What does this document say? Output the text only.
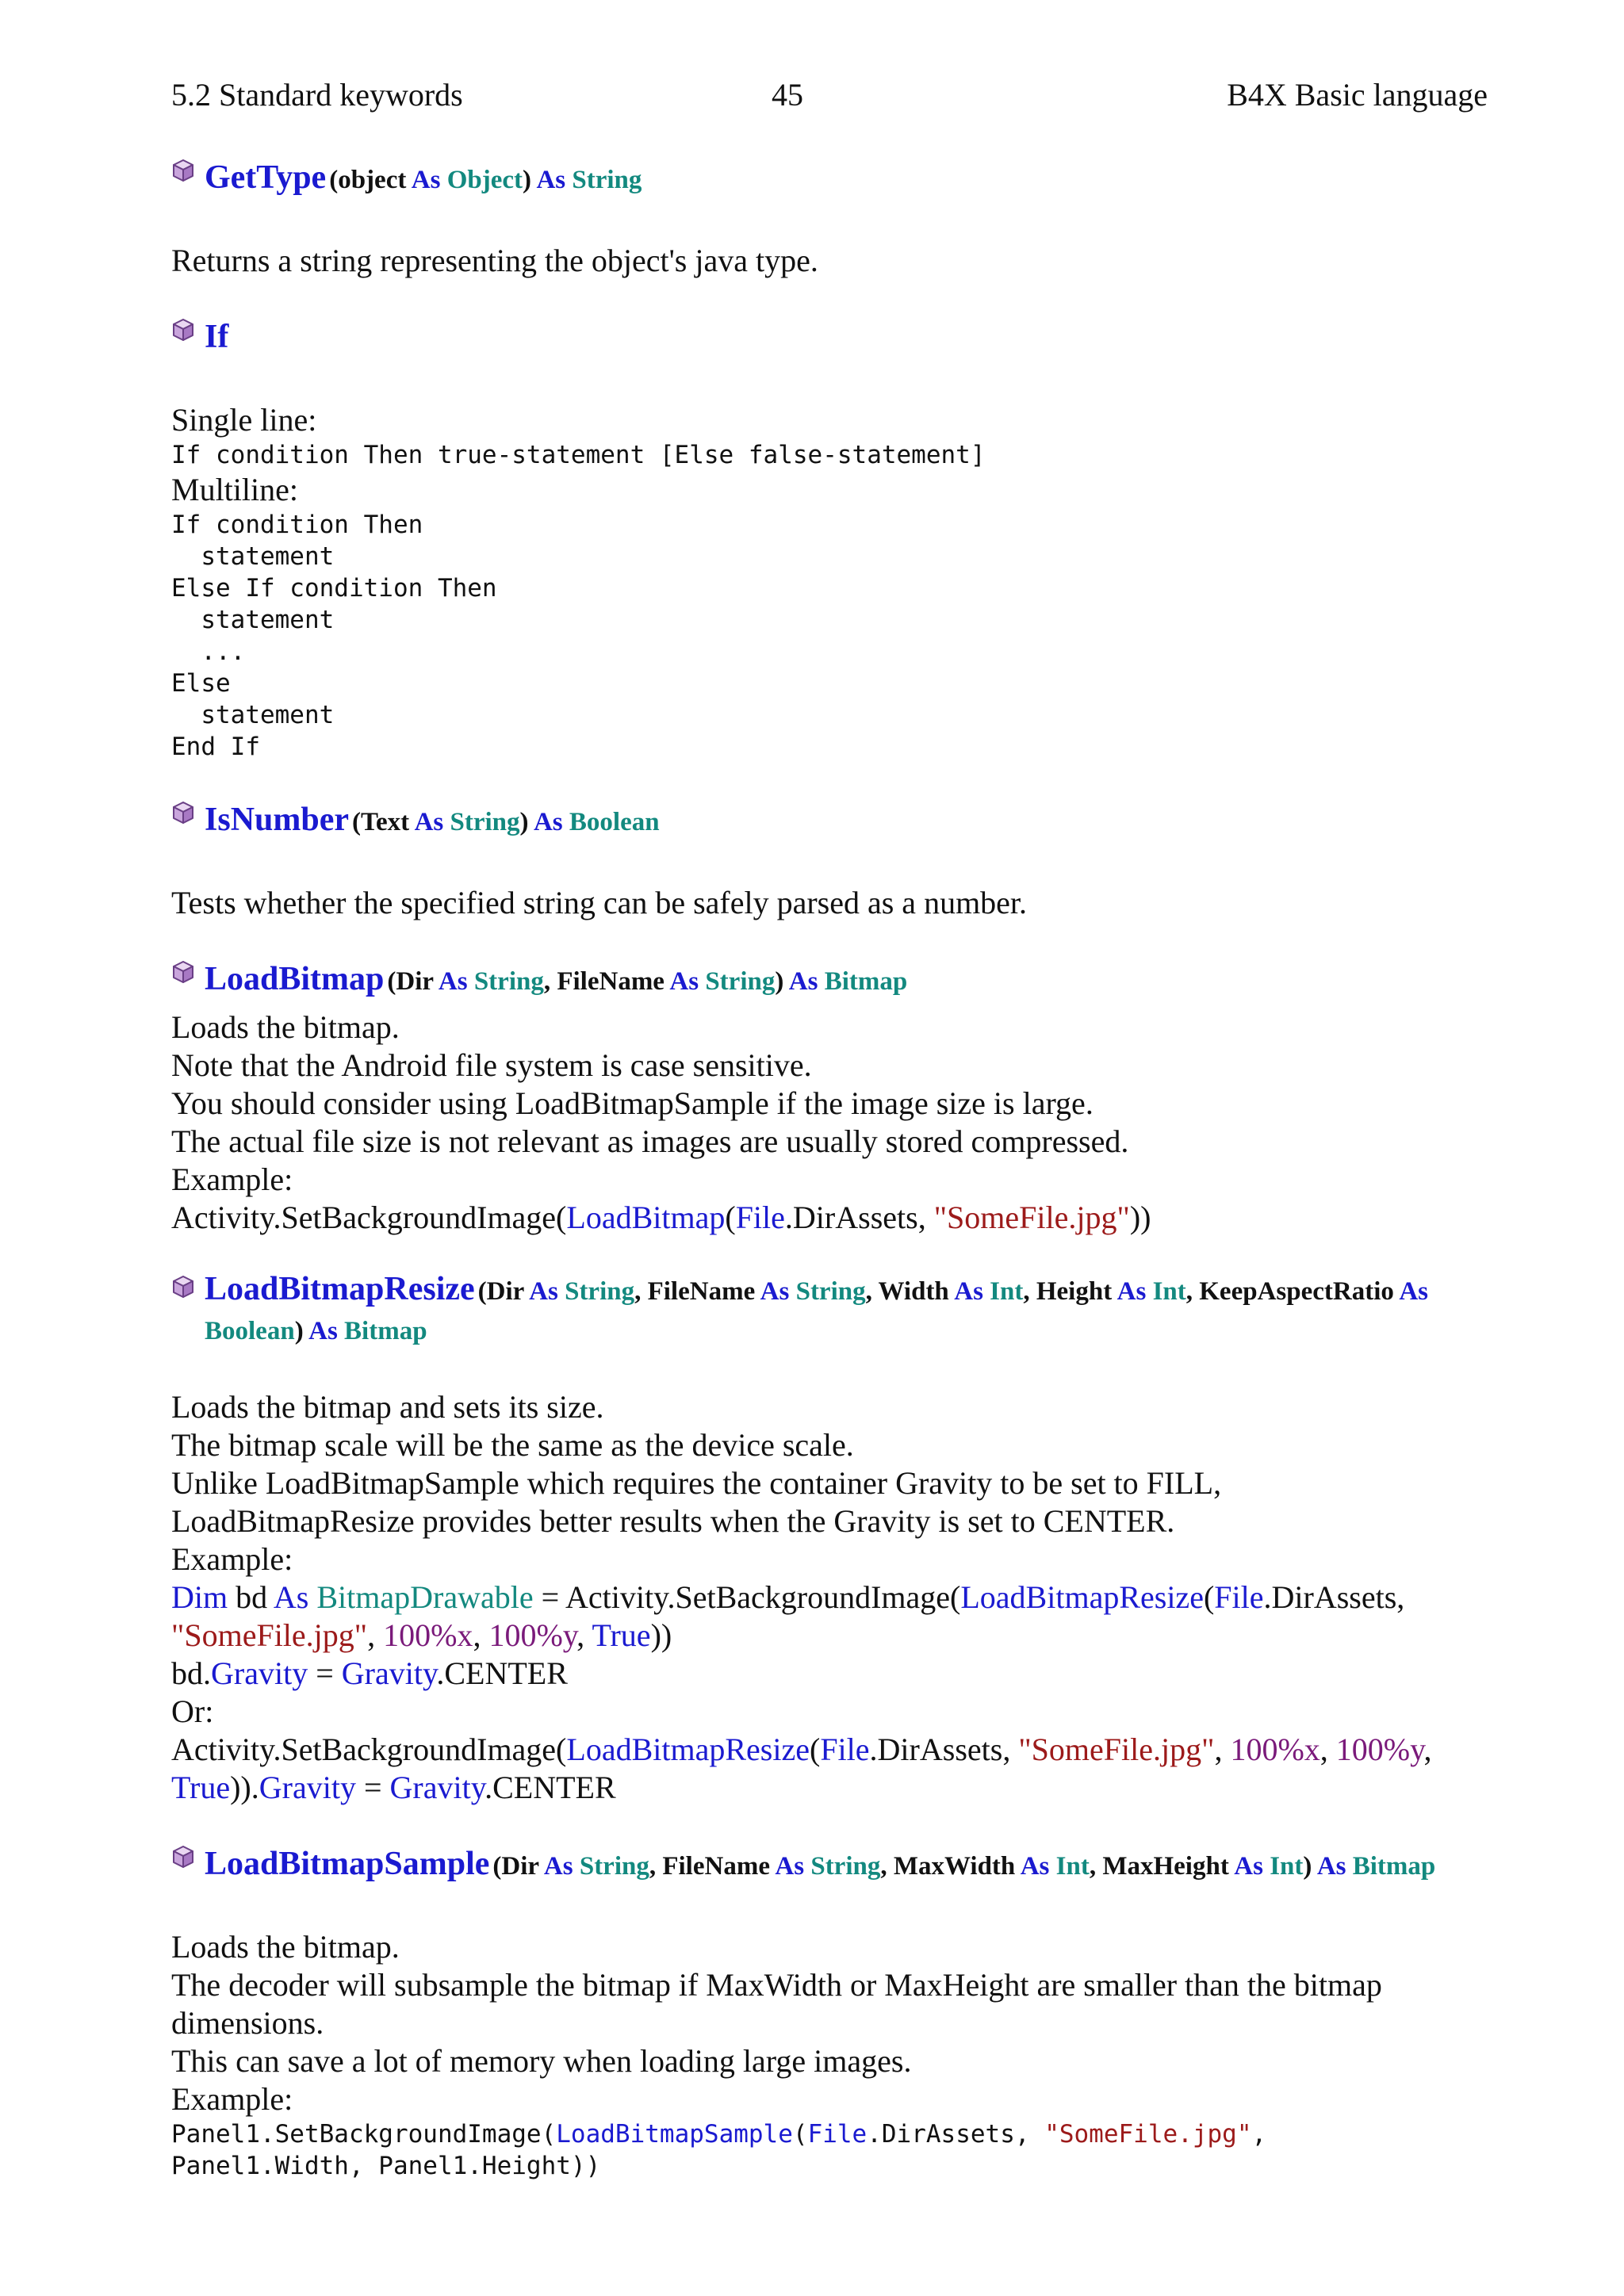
5.2 Standard keywords	45	B4X Basic language
GetType (object As Object) As String

Returns a string representing the object's java type.

If

Single line:

If condition Then true-statement [Else false-statement]

Multiline:

If condition Then
statement
Else If condition Then
statement
...
Else
statement
End If
IsNumber (Text As String) As Boolean

Tests whether the specified string can be safely parsed as a number.

LoadBitmap (Dir As String, FileName As String) As Bitmap

Loads the bitmap.

Note that the Android file system is case sensitive.

You should consider using LoadBitmapSample if the image size is large.

The actual file size is not relevant as images are usually stored compressed.

Example:

Activity.SetBackgroundImage(LoadBitmap(File.DirAssets, "SomeFile.jpg"))

LoadBitmapResize (Dir As String, FileName As String, Width As Int, Height As Int, KeepAspectRatio As
Boolean) As Bitmap

Loads the bitmap and sets its size.

The bitmap scale will be the same as the device scale.

Unlike LoadBitmapSample which requires the container Gravity to be set to FILL,

LoadBitmapResize provides better results when the Gravity is set to CENTER.

Example:

Dim bd As BitmapDrawable = Activity.SetBackgroundImage(LoadBitmapResize(File.DirAssets,
"SomeFile.jpg", 100%x, 100%y, True))

bd.Gravity = Gravity.CENTER

Or:

Activity.SetBackgroundImage(LoadBitmapResize(File.DirAssets, "SomeFile.jpg", 100%x, 100%y,
True)).Gravity = Gravity.CENTER

LoadBitmapSample (Dir As String, FileName As String, MaxWidth As Int, MaxHeight As Int) As Bitmap

Loads the bitmap.

The decoder will subsample the bitmap if MaxWidth or MaxHeight are smaller than the bitmap

dimensions.

This can save a lot of memory when loading large images.

Example:

Panel1.SetBackgroundImage(LoadBitmapSample(File.DirAssets, "SomeFile.jpg",
Panel1.Width, Panel1.Height))
